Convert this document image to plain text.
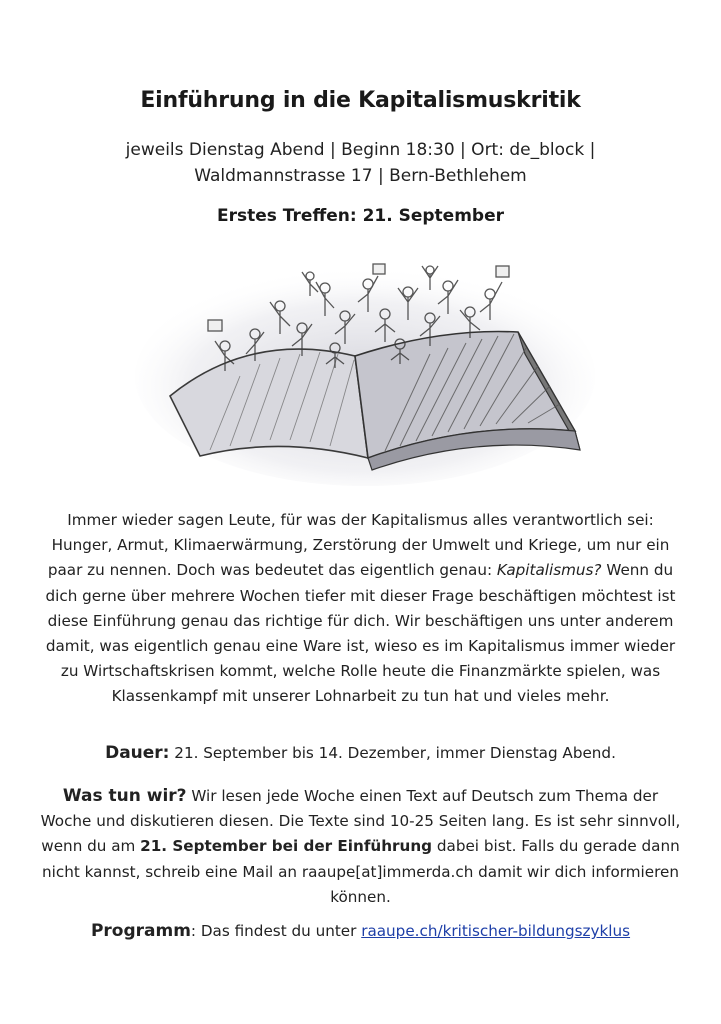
Einführung in die Kapitalismuskritik
jeweils Dienstag Abend | Beginn 18:30 | Ort: de_block |
Waldmannstrasse 17 | Bern-Bethlehem
Erstes Treffen: 21. September
Immer wieder sagen Leute, für was der Kapitalismus alles verantwortlich sei: Hunger, Armut, Klimaerwärmung, Zerstörung der Umwelt und Kriege, um nur ein paar zu nennen. Doch was bedeutet das eigentlich genau: Kapitalismus? Wenn du dich gerne über mehrere Wochen tiefer mit dieser Frage beschäftigen möchtest ist diese Einführung genau das richtige für dich. Wir beschäftigen uns unter anderem damit, was eigentlich genau eine Ware ist, wieso es im Kapitalismus immer wieder zu Wirtschaftskrisen kommt, welche Rolle heute die Finanzmärkte spielen, was Klassenkampf mit unserer Lohnarbeit zu tun hat und vieles mehr.
Dauer: 21. September bis 14. Dezember, immer Dienstag Abend.
Was tun wir? Wir lesen jede Woche einen Text auf Deutsch zum Thema der Woche und diskutieren diesen. Die Texte sind 10-25 Seiten lang. Es ist sehr sinnvoll, wenn du am 21. September bei der Einführung dabei bist. Falls du gerade dann nicht kannst, schreib eine Mail an raaupe[at]immerda.ch damit wir dich informieren können.
Programm: Das findest du unter raaupe.ch/kritischer-bildungszyklus
